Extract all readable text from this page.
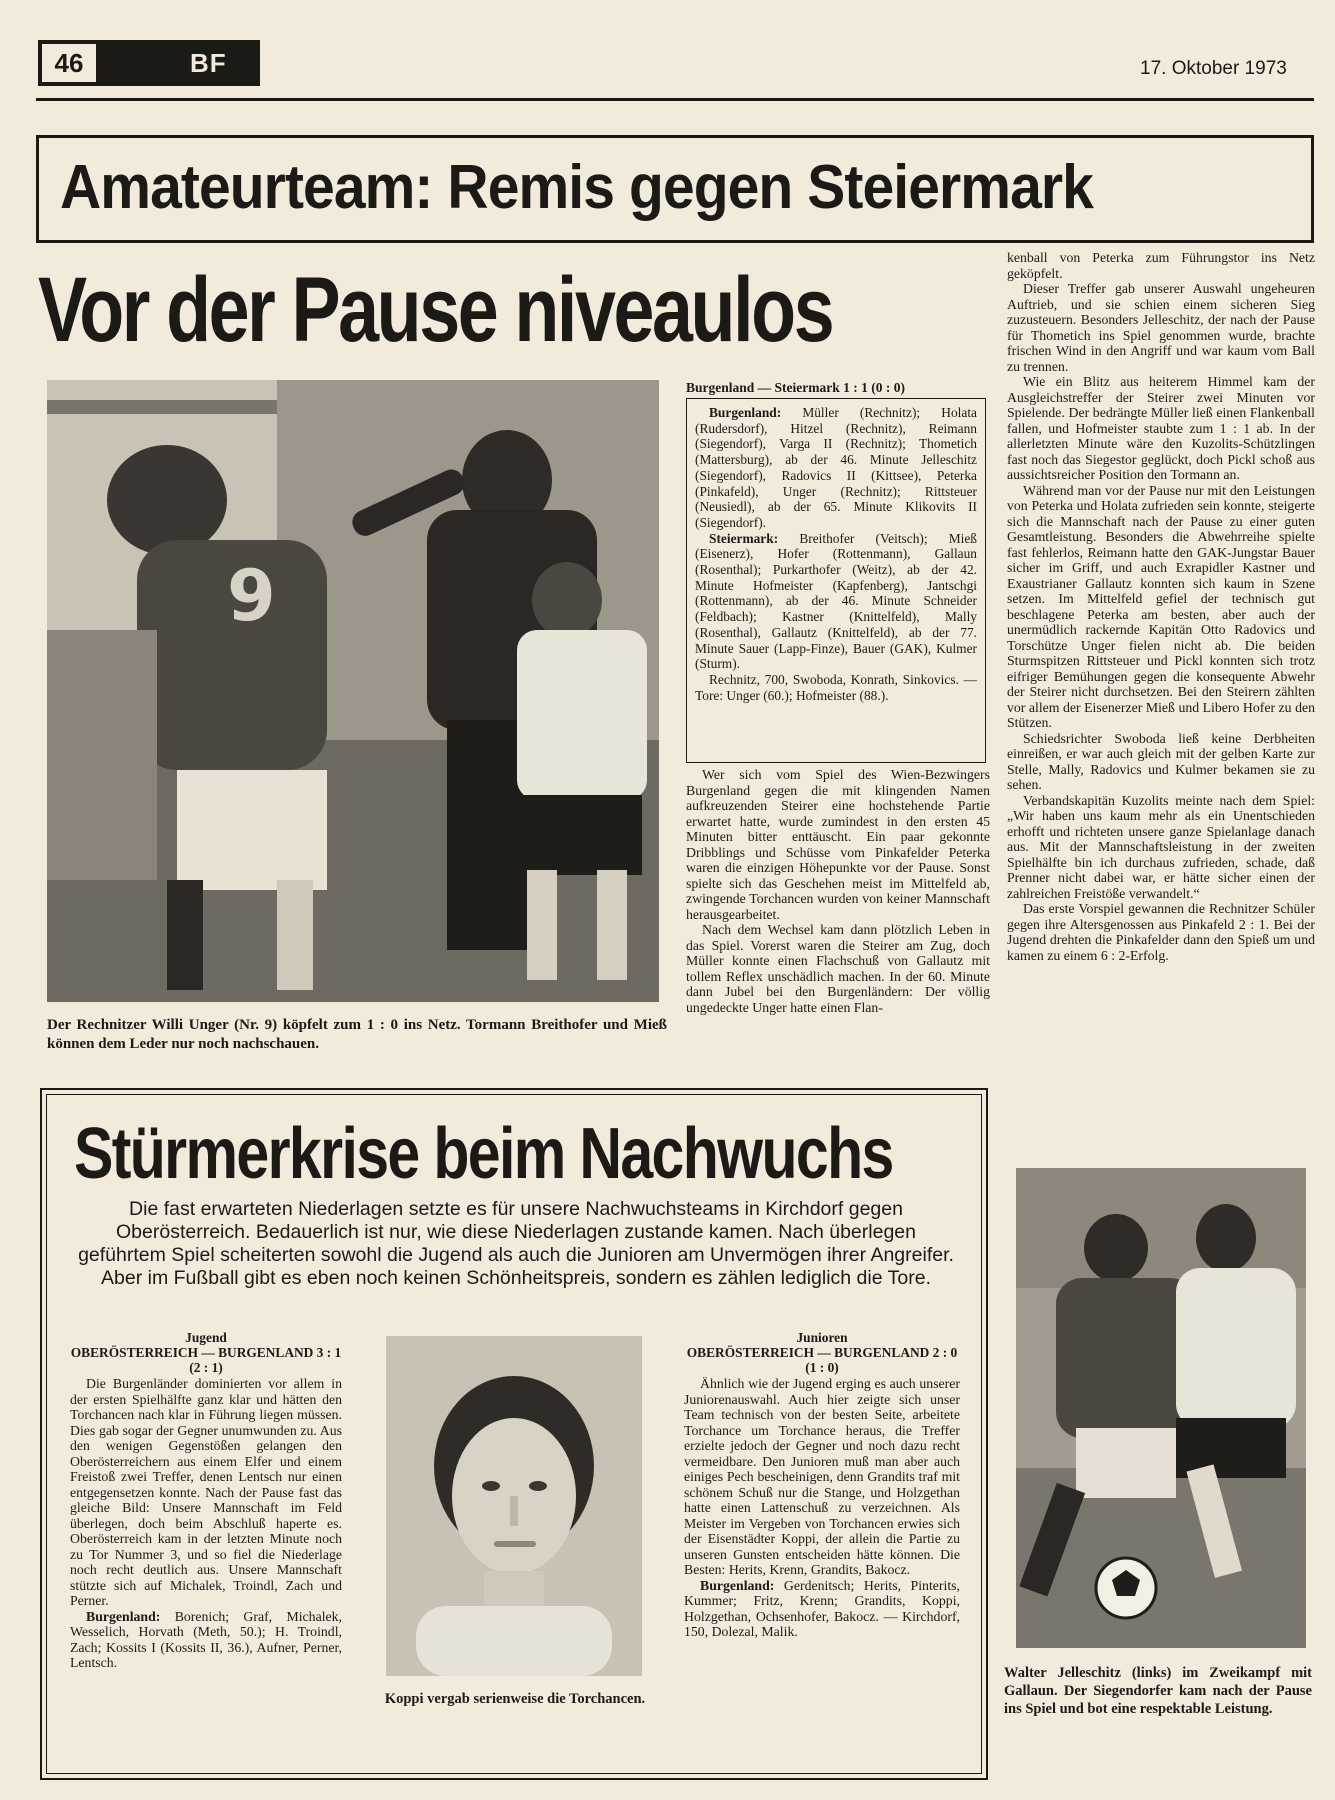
46	BF	17. Oktober 1973
Amateurteam: Remis gegen Steiermark
Vor der Pause niveaulos
9
Der Rechnitzer Willi Unger (Nr. 9) köpfelt zum 1 : 0 ins Netz. Tormann Breithofer und Mieß können dem Leder nur noch nachschauen.
Burgenland — Steiermark 1 : 1 (0 : 0)

Burgenland: Müller (Rechnitz); Holata (Rudersdorf), Hitzel (Rechnitz), Reimann (Siegendorf), Varga II (Rechnitz); Thometich (Mattersburg), ab der 46. Minute Jelleschitz (Siegendorf), Radovics II (Kittsee), Peterka (Pinkafeld), Unger (Rechnitz); Rittsteuer (Neusiedl), ab der 65. Minute Klikovits II (Siegendorf).

Steiermark: Breithofer (Veitsch); Mieß (Eisenerz), Hofer (Rottenmann), Gallaun (Rosenthal); Purkarthofer (Weitz), ab der 42. Minute Hofmeister (Kapfenberg), Jantschgi (Rottenmann), ab der 46. Minute Schneider (Feldbach); Kastner (Knittelfeld), Mally (Rosenthal), Gallautz (Knittelfeld), ab der 77. Minute Sauer (Lapp-Finze), Bauer (GAK), Kulmer (Sturm).

Rechnitz, 700, Swoboda, Konrath, Sinkovics. — Tore: Unger (60.); Hofmeister (88.).

Wer sich vom Spiel des Wien-Bezwingers Burgenland gegen die mit klingenden Namen aufkreuzenden Steirer eine hochstehende Partie erwartet hatte, wurde zumindest in den ersten 45 Minuten bitter enttäuscht. Ein paar gekonnte Dribblings und Schüsse vom Pinkafelder Peterka waren die einzigen Höhepunkte vor der Pause. Sonst spielte sich das Geschehen meist im Mittelfeld ab, zwingende Torchancen wurden von keiner Mannschaft herausgearbeitet.

Nach dem Wechsel kam dann plötzlich Leben in das Spiel. Vorerst waren die Steirer am Zug, doch Müller konnte einen Flachschuß von Gallautz mit tollem Reflex unschädlich machen. In der 60. Minute dann Jubel bei den Burgenländern: Der völlig ungedeckte Unger hatte einen Flan-

kenball von Peterka zum Führungstor ins Netz geköpfelt.

Dieser Treffer gab unserer Auswahl ungeheuren Auftrieb, und sie schien einem sicheren Sieg zuzusteuern. Besonders Jelleschitz, der nach der Pause für Thometich ins Spiel genommen wurde, brachte frischen Wind in den Angriff und war kaum vom Ball zu trennen.

Wie ein Blitz aus heiterem Himmel kam der Ausgleichstreffer der Steirer zwei Minuten vor Spielende. Der bedrängte Müller ließ einen Flankenball fallen, und Hofmeister staubte zum 1 : 1 ab. In der allerletzten Minute wäre den Kuzolits-Schützlingen fast noch das Siegestor geglückt, doch Pickl schoß aus aussichtsreicher Position den Tormann an.

Während man vor der Pause nur mit den Leistungen von Peterka und Holata zufrieden sein konnte, steigerte sich die Mannschaft nach der Pause zu einer guten Gesamtleistung. Besonders die Abwehrreihe spielte fast fehlerlos, Reimann hatte den GAK-Jungstar Bauer sicher im Griff, und auch Exrapidler Kastner und Exaustrianer Gallautz konnten sich kaum in Szene setzen. Im Mittelfeld gefiel der technisch gut beschlagene Peterka am besten, aber auch der unermüdlich rackernde Kapitän Otto Radovics und Torschütze Unger fielen nicht ab. Die beiden Sturmspitzen Rittsteuer und Pickl konnten sich trotz eifriger Bemühungen gegen die konsequente Abwehr der Steirer nicht durchsetzen. Bei den Steirern zählten vor allem der Eisenerzer Mieß und Libero Hofer zu den Stützen.

Schiedsrichter Swoboda ließ keine Derbheiten einreißen, er war auch gleich mit der gelben Karte zur Stelle, Mally, Radovics und Kulmer bekamen sie zu sehen.

Verbandskapitän Kuzolits meinte nach dem Spiel: „Wir haben uns kaum mehr als ein Unentschieden erhofft und richteten unsere ganze Spielanlage danach aus. Mit der Mannschaftsleistung in der zweiten Spielhälfte bin ich durchaus zufrieden, schade, daß Prenner nicht dabei war, er hätte sicher einen der zahlreichen Freistöße verwandelt.“

Das erste Vorspiel gewannen die Rechnitzer Schüler gegen ihre Altersgenossen aus Pinkafeld 2 : 1. Bei der Jugend drehten die Pinkafelder dann den Spieß um und kamen zu einem 6 : 2-Erfolg.

Walter Jelleschitz (links) im Zweikampf mit Gallaun. Der Siegendorfer kam nach der Pause ins Spiel und bot eine respektable Leistung.
Stürmerkrise beim Nachwuchs
Die fast erwarteten Niederlagen setzte es für unsere Nachwuchsteams in Kirchdorf gegen Oberösterreich. Bedauerlich ist nur, wie diese Niederlagen zustande kamen. Nach überlegen geführtem Spiel scheiterten sowohl die Jugend als auch die Junioren am Unvermögen ihrer Angreifer. Aber im Fußball gibt es eben noch keinen Schönheitspreis, sondern es zählen lediglich die Tore.
Jugend
OBERÖSTERREICH — BURGENLAND 3 : 1 (2 : 1)

Die Burgenländer dominierten vor allem in der ersten Spielhälfte ganz klar und hätten den Torchancen nach klar in Führung liegen müssen. Dies gab sogar der Gegner unumwunden zu. Aus den wenigen Gegenstößen gelangen den Oberösterreichern aus einem Elfer und einem Freistoß zwei Treffer, denen Lentsch nur einen entgegensetzen konnte. Nach der Pause fast das gleiche Bild: Unsere Mannschaft im Feld überlegen, doch beim Abschluß haperte es. Oberösterreich kam in der letzten Minute noch zu Tor Nummer 3, und so fiel die Niederlage noch recht deutlich aus. Unsere Mannschaft stützte sich auf Michalek, Troindl, Zach und Perner.

Burgenland: Borenich; Graf, Michalek, Wesselich, Horvath (Meth, 50.); H. Troindl, Zach; Kossits I (Kossits II, 36.), Aufner, Perner, Lentsch.

Koppi vergab serienweise die Torchancen.
Junioren
OBERÖSTERREICH — BURGENLAND 2 : 0 (1 : 0)

Ähnlich wie der Jugend erging es auch unserer Juniorenauswahl. Auch hier zeigte sich unser Team technisch von der besten Seite, arbeitete Torchance um Torchance heraus, die Treffer erzielte jedoch der Gegner und noch dazu recht vermeidbare. Den Junioren muß man aber auch einiges Pech bescheinigen, denn Grandits traf mit schönem Schuß nur die Stange, und Holzgethan hatte einen Lattenschuß zu verzeichnen. Als Meister im Vergeben von Torchancen erwies sich der Eisenstädter Koppi, der allein die Partie zu unseren Gunsten entscheiden hätte können. Die Besten: Herits, Krenn, Grandits, Bakocz.

Burgenland: Gerdenitsch; Herits, Pinterits, Kummer; Fritz, Krenn; Grandits, Koppi, Holzgethan, Ochsenhofer, Bakocz. — Kirchdorf, 150, Dolezal, Malik.
